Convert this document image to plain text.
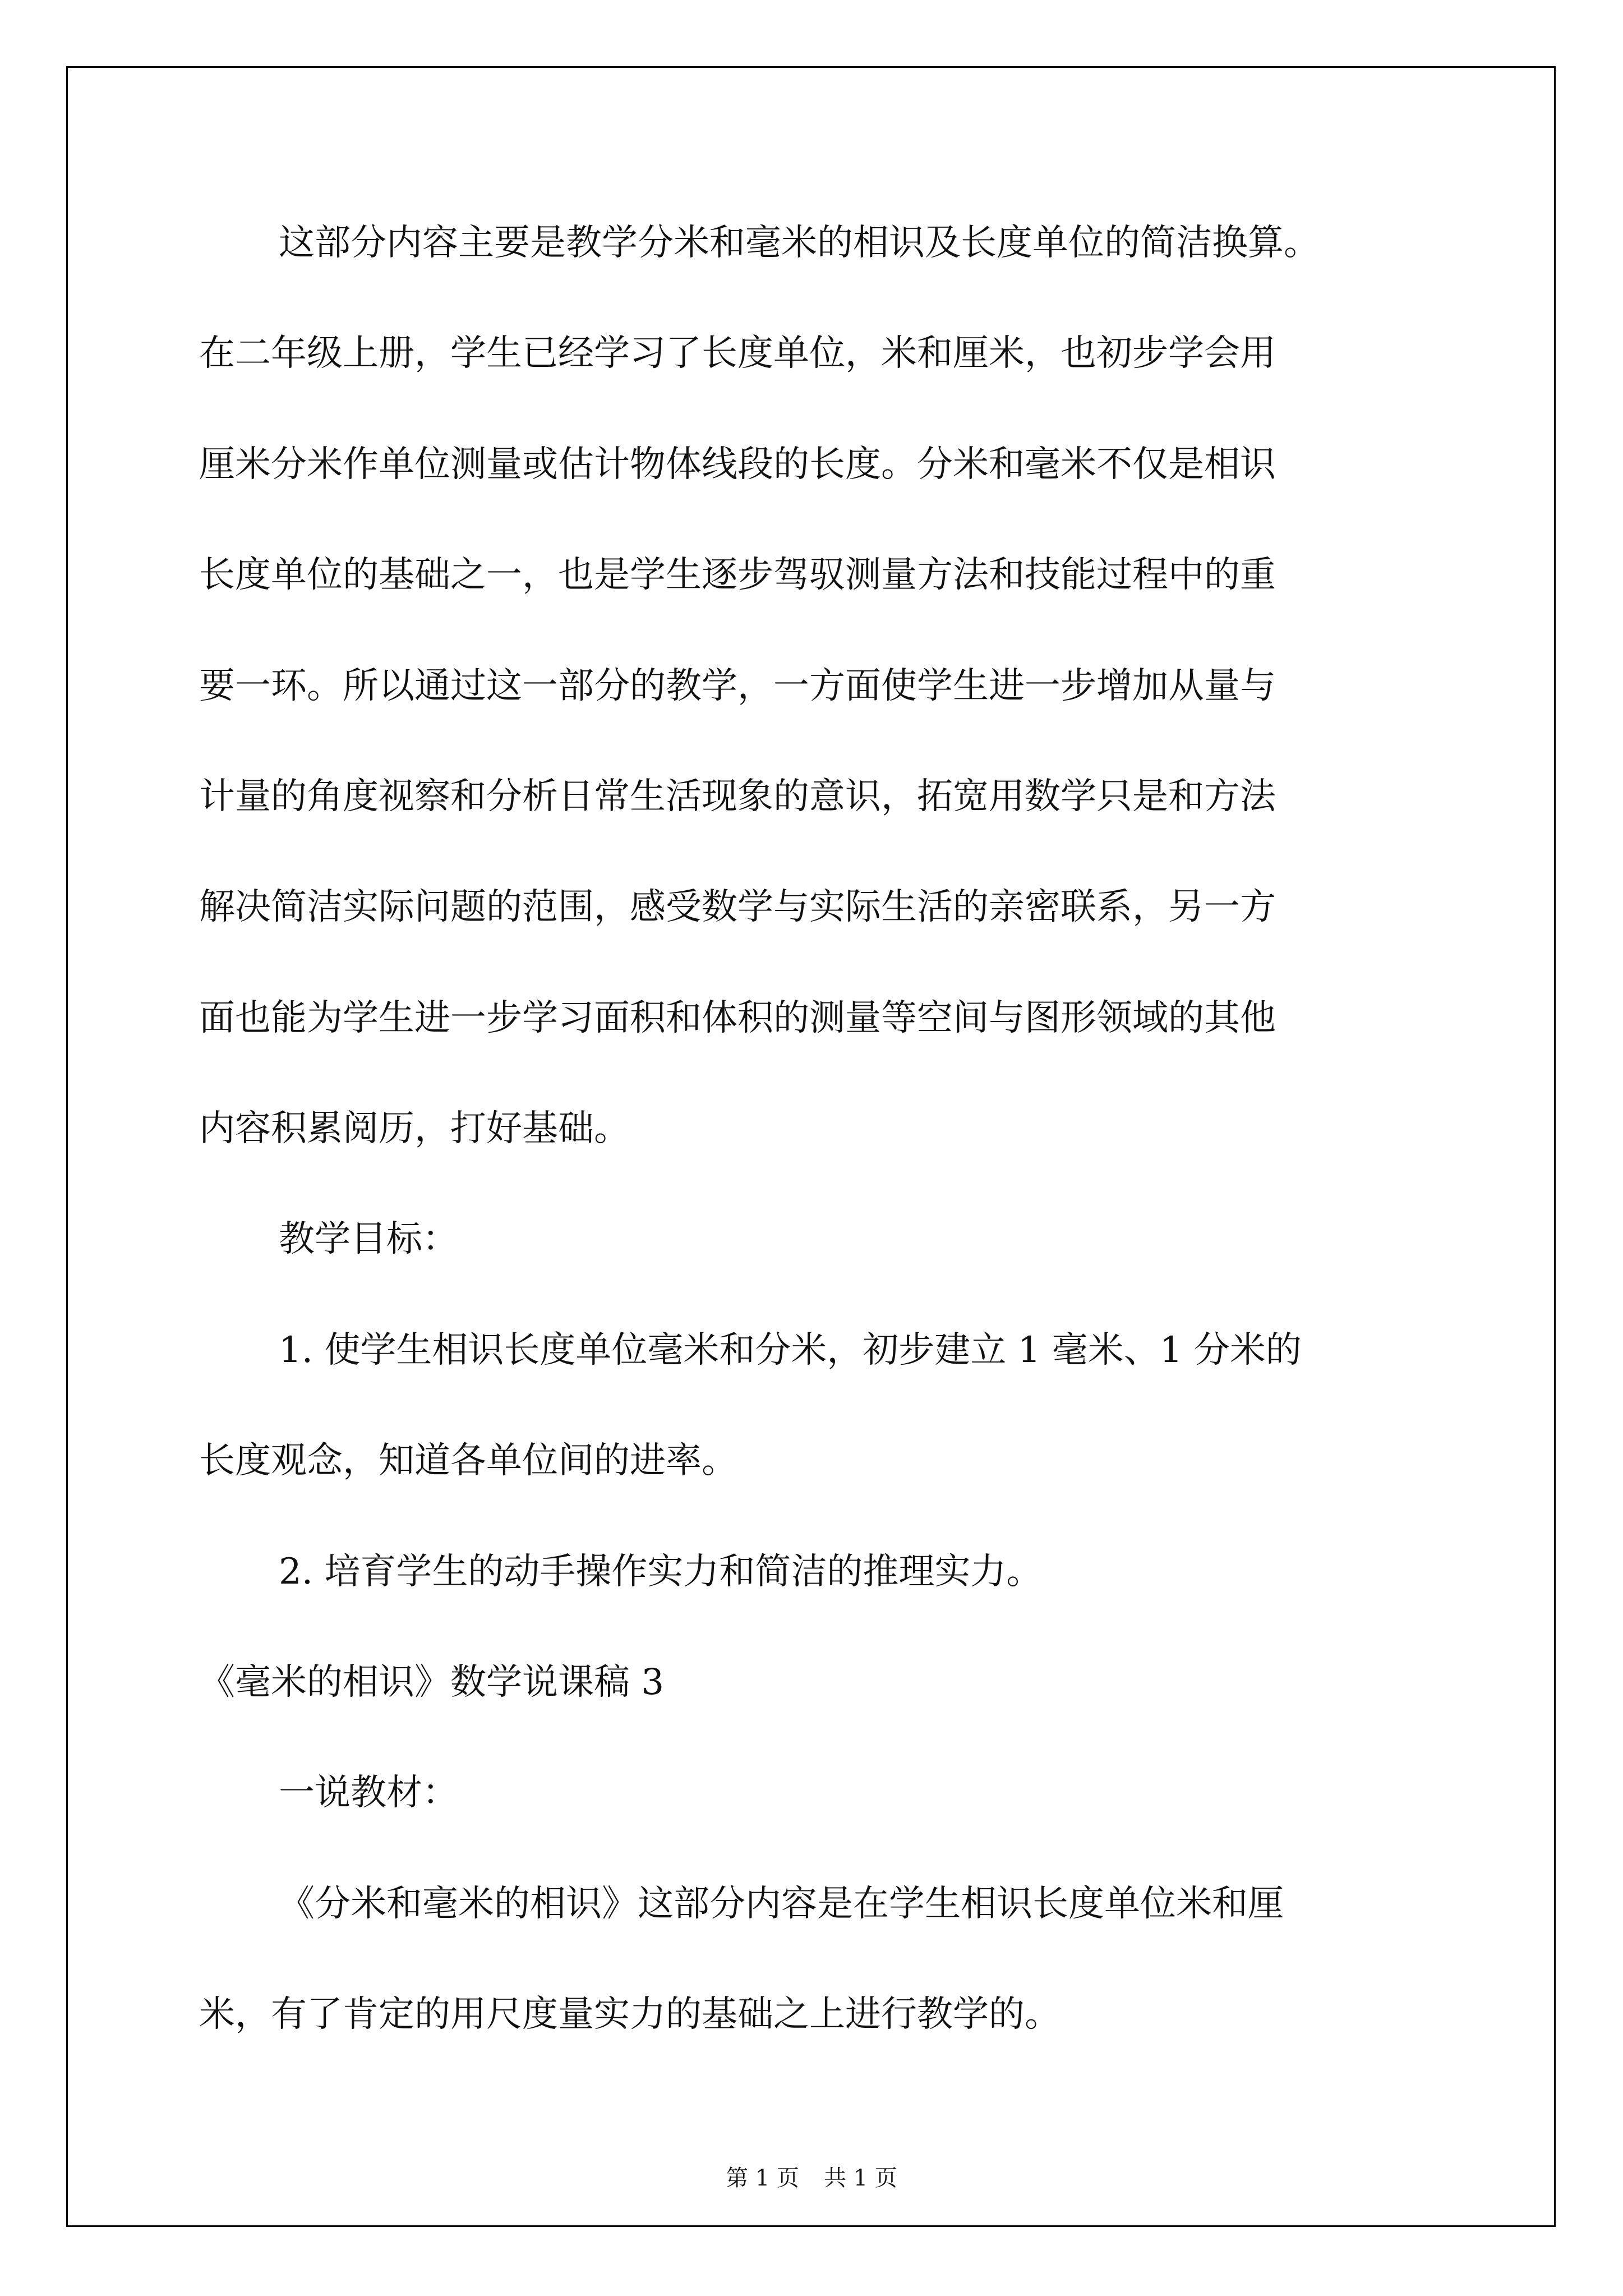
这部分内容主要是教学分米和毫米的相识及长度单位的简洁换算。
在二年级上册，学生已经学习了长度单位，米和厘米，也初步学会用
厘米分米作单位测量或估计物体线段的长度。分米和毫米不仅是相识
长度单位的基础之一，也是学生逐步驾驭测量方法和技能过程中的重
要一环。所以通过这一部分的教学，一方面使学生进一步增加从量与
计量的角度视察和分析日常生活现象的意识，拓宽用数学只是和方法
解决简洁实际问题的范围，感受数学与实际生活的亲密联系，另一方
面也能为学生进一步学习面积和体积的测量等空间与图形领域的其他
内容积累阅历，打好基础。
教学目标：
1. 使学生相识长度单位毫米和分米，初步建立 1 毫米、1 分米的
长度观念，知道各单位间的进率。
2. 培育学生的动手操作实力和简洁的推理实力。
《毫米的相识》数学说课稿 3
一说教材：
《分米和毫米的相识》这部分内容是在学生相识长度单位米和厘
米，有了肯定的用尺度量实力的基础之上进行教学的。
第 1 页 共 1 页
